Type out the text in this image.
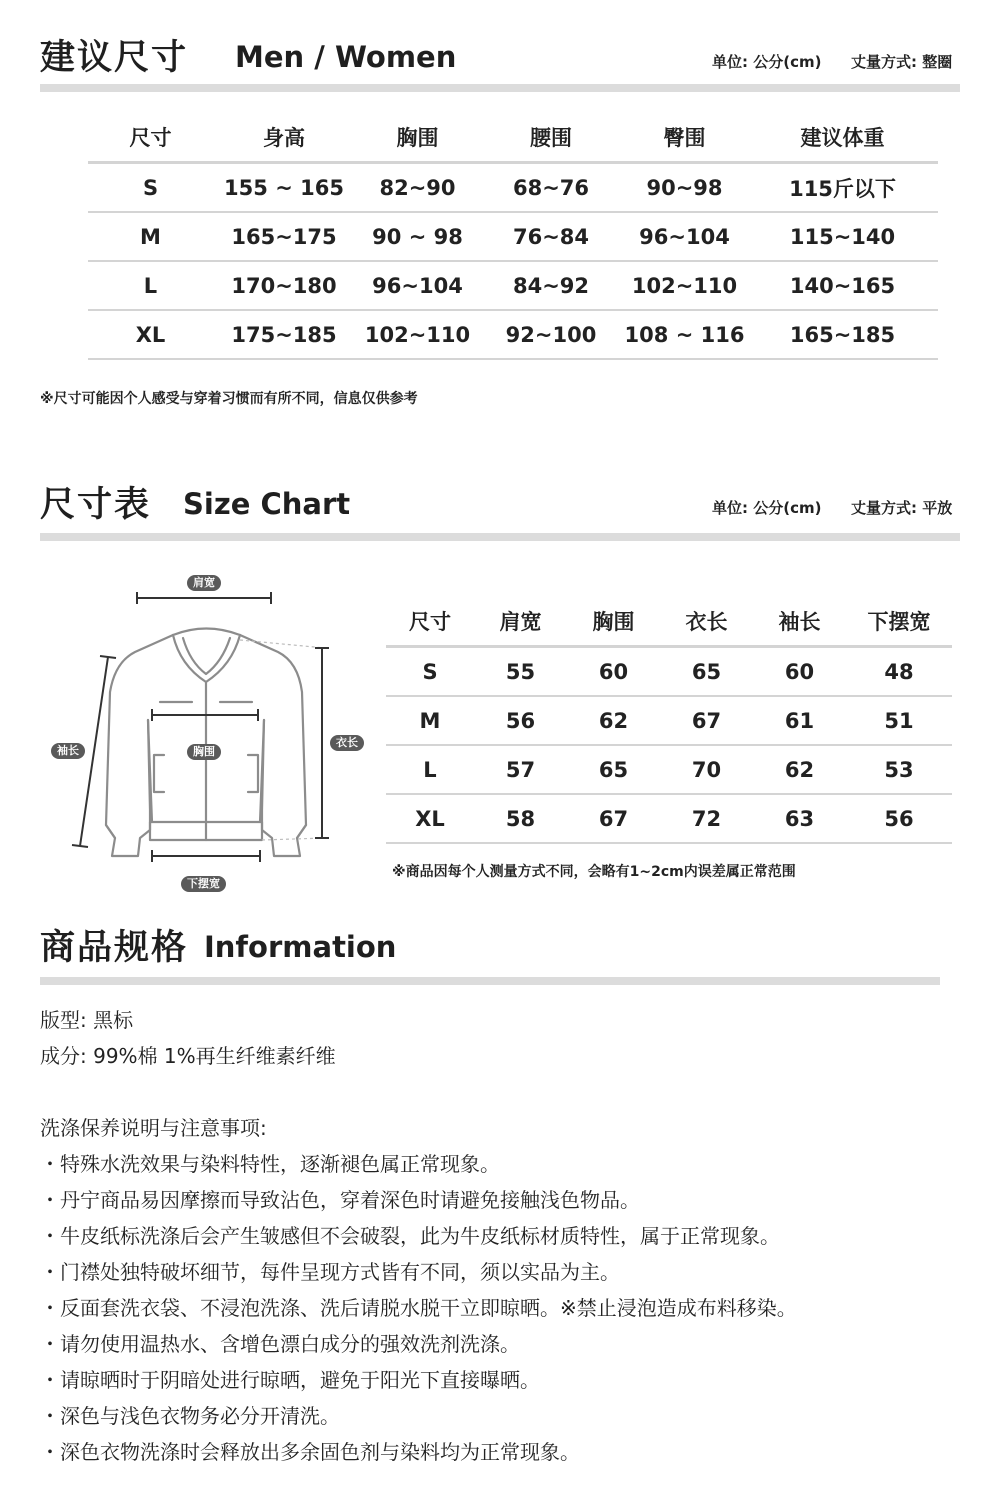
建议尺寸 Men / Women	单位: 公分(cm) 丈量方式: 整圈
尺寸	身高	胸围	腰围	臀围	建议体重
S	155 ~ 165	82~90	68~76	90~98	115斤以下
M	165~175	90 ~ 98	76~84	96~104	115~140
L	170~180	96~104	84~92	102~110	140~165
XL	175~185	102~110	92~100	108 ~ 116	165~185
※尺寸可能因个人感受与穿着习惯而有所不同，信息仅供参考
尺寸表 Size Chart	单位: 公分(cm) 丈量方式: 平放
肩宽
袖长	胸围
衣长
下摆宽
尺寸	肩宽	胸围	衣长	袖长	下摆宽
S	55	60	65	60	48
M	56	62	67	61	51
L	57	65	70	62	53
XL	58	67	72	63	56
※商品因每个人测量方式不同，会略有1~2cm内误差属正常范围
商品规格 Information
版型: 黑标
成分: 99%棉 1%再生纤维素纤维
洗涤保养说明与注意事项:
・特殊水洗效果与染料特性，逐渐褪色属正常现象。
・丹宁商品易因摩擦而导致沾色，穿着深色时请避免接触浅色物品。
・牛皮纸标洗涤后会产生皱感但不会破裂，此为牛皮纸标材质特性，属于正常现象。
・门襟处独特破坏细节，每件呈现方式皆有不同，须以实品为主。
・反面套洗衣袋、不浸泡洗涤、洗后请脱水脱干立即晾晒。※禁止浸泡造成布料移染。
・请勿使用温热水、含增色漂白成分的强效洗剂洗涤。
・请晾晒时于阴暗处进行晾晒，避免于阳光下直接曝晒。
・深色与浅色衣物务必分开清洗。
・深色衣物洗涤时会释放出多余固色剂与染料均为正常现象。
